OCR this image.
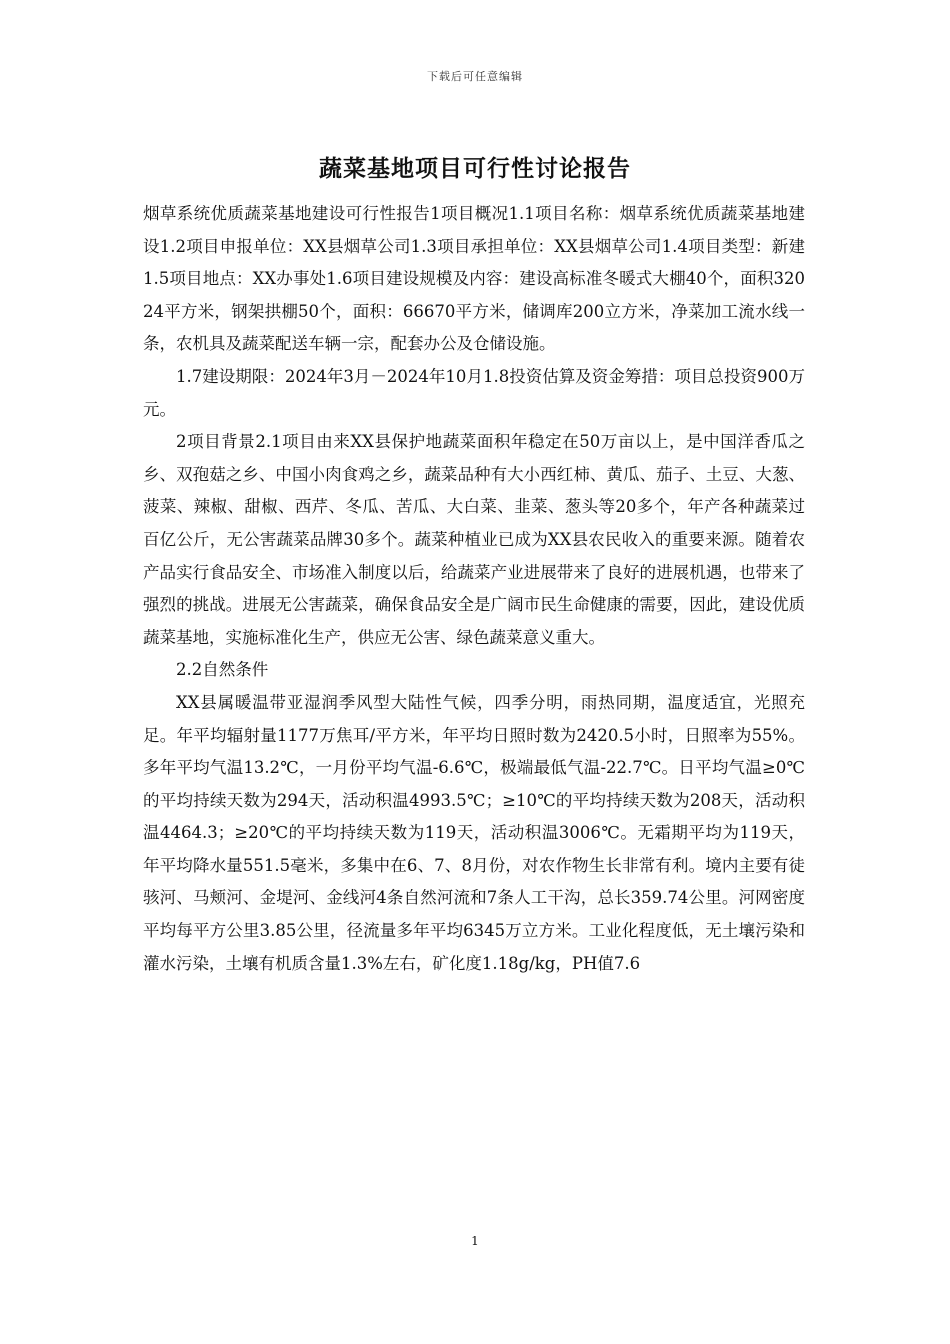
下载后可任意编辑
蔬菜基地项目可行性讨论报告

烟草系统优质蔬菜基地建设可行性报告1项目概况1.1项目名称：烟草系统优质蔬菜基地建设1.2项目申报单位：XX县烟草公司1.3项目承担单位：XX县烟草公司1.4项目类型：新建1.5项目地点：XX办事处1.6项目建设规模及内容：建设高标准冬暖式大棚40个，面积32024平方米，钢架拱棚50个，面积：66670平方米，储调库200立方米，净菜加工流水线一条，农机具及蔬菜配送车辆一宗，配套办公及仓储设施。

1.7建设期限：2024年3月－2024年10月1.8投资估算及资金筹措：项目总投资900万元。

2项目背景2.1项目由来XX县保护地蔬菜面积年稳定在50万亩以上，是中国洋香瓜之乡、双孢菇之乡、中国小肉食鸡之乡，蔬菜品种有大小西红柿、黄瓜、茄子、土豆、大葱、菠菜、辣椒、甜椒、西芹、冬瓜、苦瓜、大白菜、韭菜、葱头等20多个，年产各种蔬菜过百亿公斤，无公害蔬菜品牌30多个。蔬菜种植业已成为XX县农民收入的重要来源。随着农产品实行食品安全、市场准入制度以后，给蔬菜产业进展带来了良好的进展机遇，也带来了强烈的挑战。进展无公害蔬菜，确保食品安全是广阔市民生命健康的需要，因此，建设优质蔬菜基地，实施标准化生产，供应无公害、绿色蔬菜意义重大。

2.2自然条件

XX县属暖温带亚湿润季风型大陆性气候，四季分明，雨热同期，温度适宜，光照充足。年平均辐射量1177万焦耳/平方米，年平均日照时数为2420.5小时，日照率为55%。多年平均气温13.2℃，一月份平均气温-6.6℃，极端最低气温-22.7℃。日平均气温≥0℃的平均持续天数为294天，活动积温4993.5℃；≥10℃的平均持续天数为208天，活动积温4464.3；≥20℃的平均持续天数为119天，活动积温3006℃。无霜期平均为119天，年平均降水量551.5毫米，多集中在6、7、8月份，对农作物生长非常有利。境内主要有徒骇河、马颊河、金堤河、金线河4条自然河流和7条人工干沟，总长359.74公里。河网密度平均每平方公里3.85公里，径流量多年平均6345万立方米。工业化程度低，无土壤污染和灌水污染，土壤有机质含量1.3%左右，矿化度1.18g/kg，PH值7.6

1
